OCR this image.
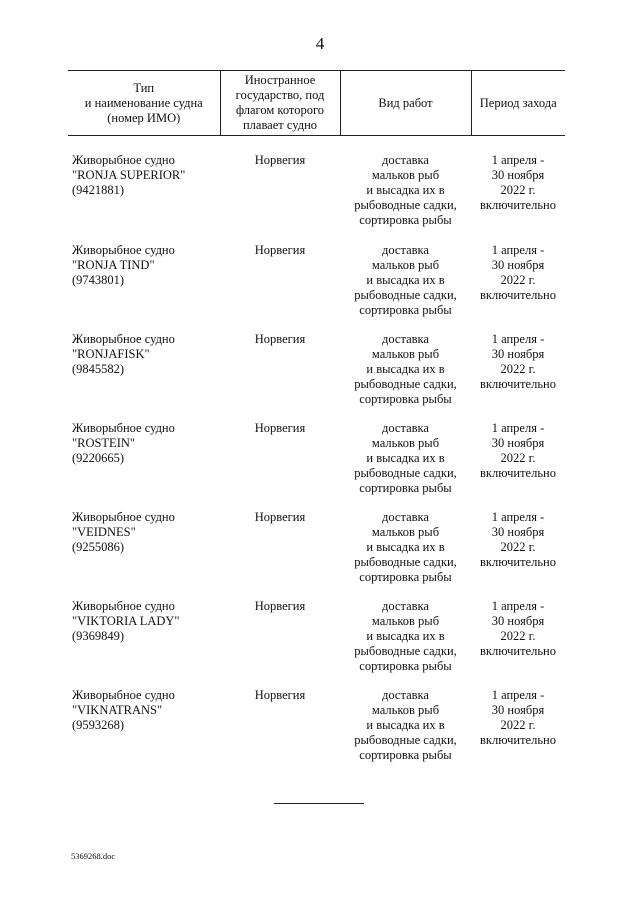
4
Тип
и наименование судна
(номер ИМО)	Иностранное
государство, под
флагом которого
плавает судно	Вид работ	Период захода

Живорыбное судно
"RONJA SUPERIOR"
(9421881)	Норвегия	доставка
мальков рыб
и высадка их в
рыбоводные садки,
сортировка рыбы	1 апреля -
30 ноября
2022 г.
включительно

Живорыбное судно
"RONJA TIND"
(9743801)	Норвегия	доставка
мальков рыб
и высадка их в
рыбоводные садки,
сортировка рыбы	1 апреля -
30 ноября
2022 г.
включительно

Живорыбное судно
"RONJAFISK"
(9845582)	Норвегия	доставка
мальков рыб
и высадка их в
рыбоводные садки,
сортировка рыбы	1 апреля -
30 ноября
2022 г.
включительно

Живорыбное судно
"ROSTEIN"
(9220665)	Норвегия	доставка
мальков рыб
и высадка их в
рыбоводные садки,
сортировка рыбы	1 апреля -
30 ноября
2022 г.
включительно

Живорыбное судно
"VEIDNES"
(9255086)	Норвегия	доставка
мальков рыб
и высадка их в
рыбоводные садки,
сортировка рыбы	1 апреля -
30 ноября
2022 г.
включительно

Живорыбное судно
"VIKTORIA LADY"
(9369849)	Норвегия	доставка
мальков рыб
и высадка их в
рыбоводные садки,
сортировка рыбы	1 апреля -
30 ноября
2022 г.
включительно

Живорыбное судно
"VIKNATRANS"
(9593268)	Норвегия	доставка
мальков рыб
и высадка их в
рыбоводные садки,
сортировка рыбы	1 апреля -
30 ноября
2022 г.
включительно
5369268.doc
